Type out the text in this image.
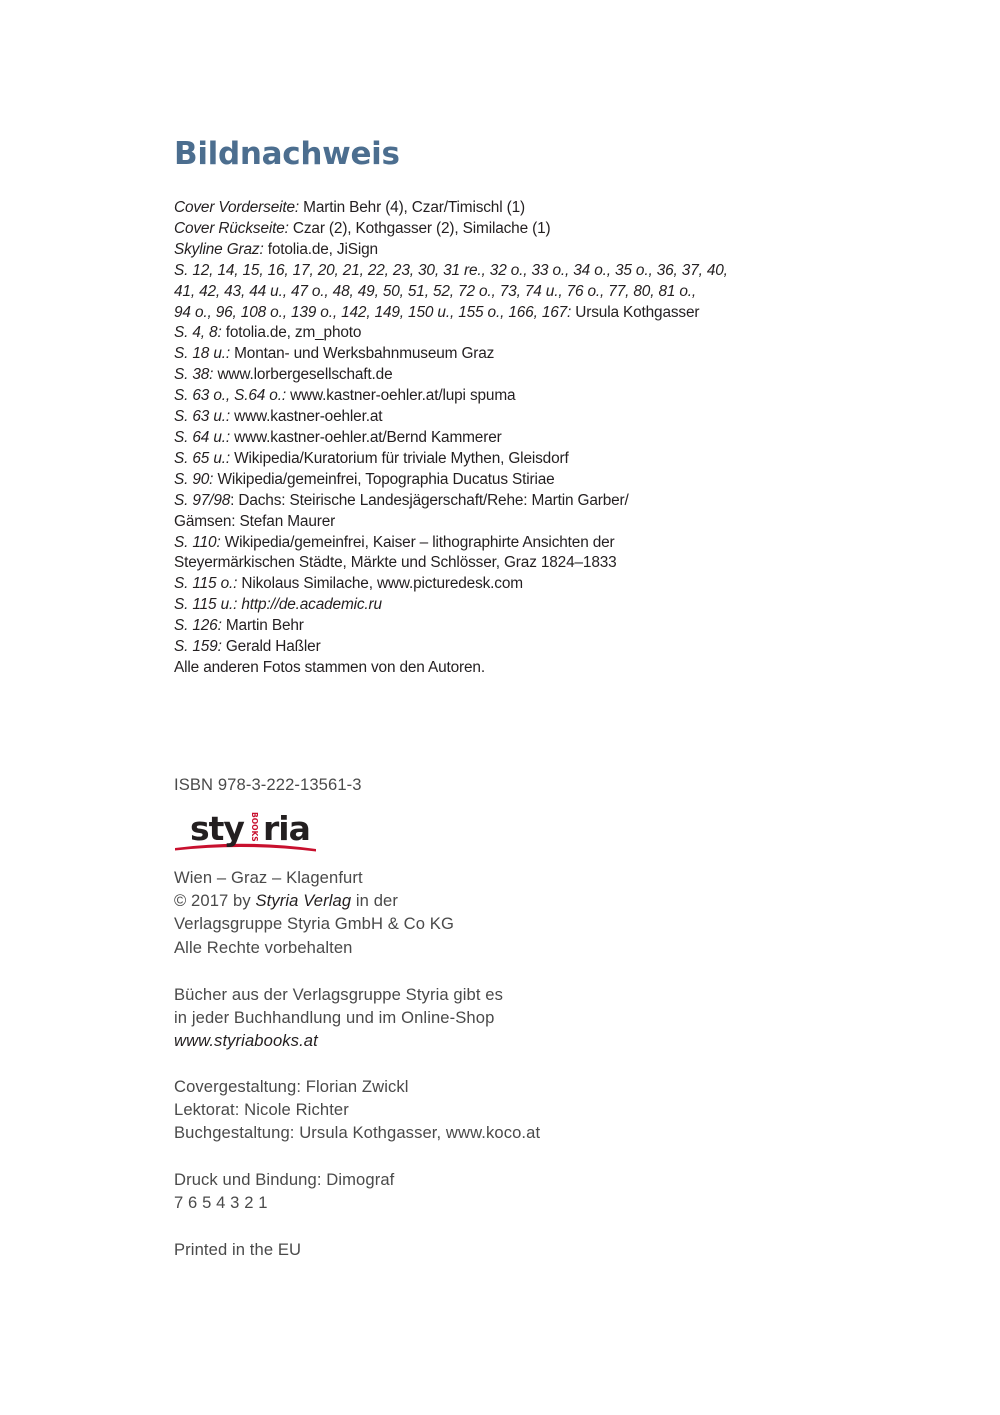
Bildnachweis
Cover Vorderseite: Martin Behr (4), Czar/Timischl (1)
Cover Rückseite: Czar (2), Kothgasser (2), Similache (1)
Skyline Graz: fotolia.de, JiSign
S. 12, 14, 15, 16, 17, 20, 21, 22, 23, 30, 31 re., 32 o., 33 o., 34 o., 35 o., 36, 37, 40,
41, 42, 43, 44 u., 47 o., 48, 49, 50, 51, 52, 72 o., 73, 74 u., 76 o., 77, 80, 81 o.,
94 o., 96, 108 o., 139 o., 142, 149, 150 u., 155 o., 166, 167: Ursula Kothgasser
S. 4, 8: fotolia.de, zm_photo
S. 18 u.: Montan- und Werksbahnmuseum Graz
S. 38: www.lorbergesellschaft.de
S. 63 o., S.64 o.: www.kastner-oehler.at/lupi spuma
S. 63 u.: www.kastner-oehler.at
S. 64 u.: www.kastner-oehler.at/Bernd Kammerer
S. 65 u.: Wikipedia/Kuratorium für triviale Mythen, Gleisdorf
S. 90: Wikipedia/gemeinfrei, Topographia Ducatus Stiriae
S. 97/98: Dachs: Steirische Landesjägerschaft/Rehe: Martin Garber/
Gämsen: Stefan Maurer
S. 110: Wikipedia/gemeinfrei, Kaiser – lithographirte Ansichten der
Steyermärkischen Städte, Märkte und Schlösser, Graz 1824–1833
S. 115 o.: Nikolaus Similache, www.picturedesk.com
S. 115 u.: http://de.academic.ru
S. 126: Martin Behr
S. 159: Gerald Haßler
Alle anderen Fotos stammen von den Autoren.
ISBN 978-3-222-13561-3
sty ria
BOOKS
Wien – Graz – Klagenfurt
© 2017 by Styria Verlag in der
Verlagsgruppe Styria GmbH & Co KG
Alle Rechte vorbehalten
Bücher aus der Verlagsgruppe Styria gibt es
in jeder Buchhandlung und im Online-Shop
www.styriabooks.at
Covergestaltung: Florian Zwickl
Lektorat: Nicole Richter
Buchgestaltung: Ursula Kothgasser, www.koco.at
Druck und Bindung: Dimograf
7 6 5 4 3 2 1
Printed in the EU
